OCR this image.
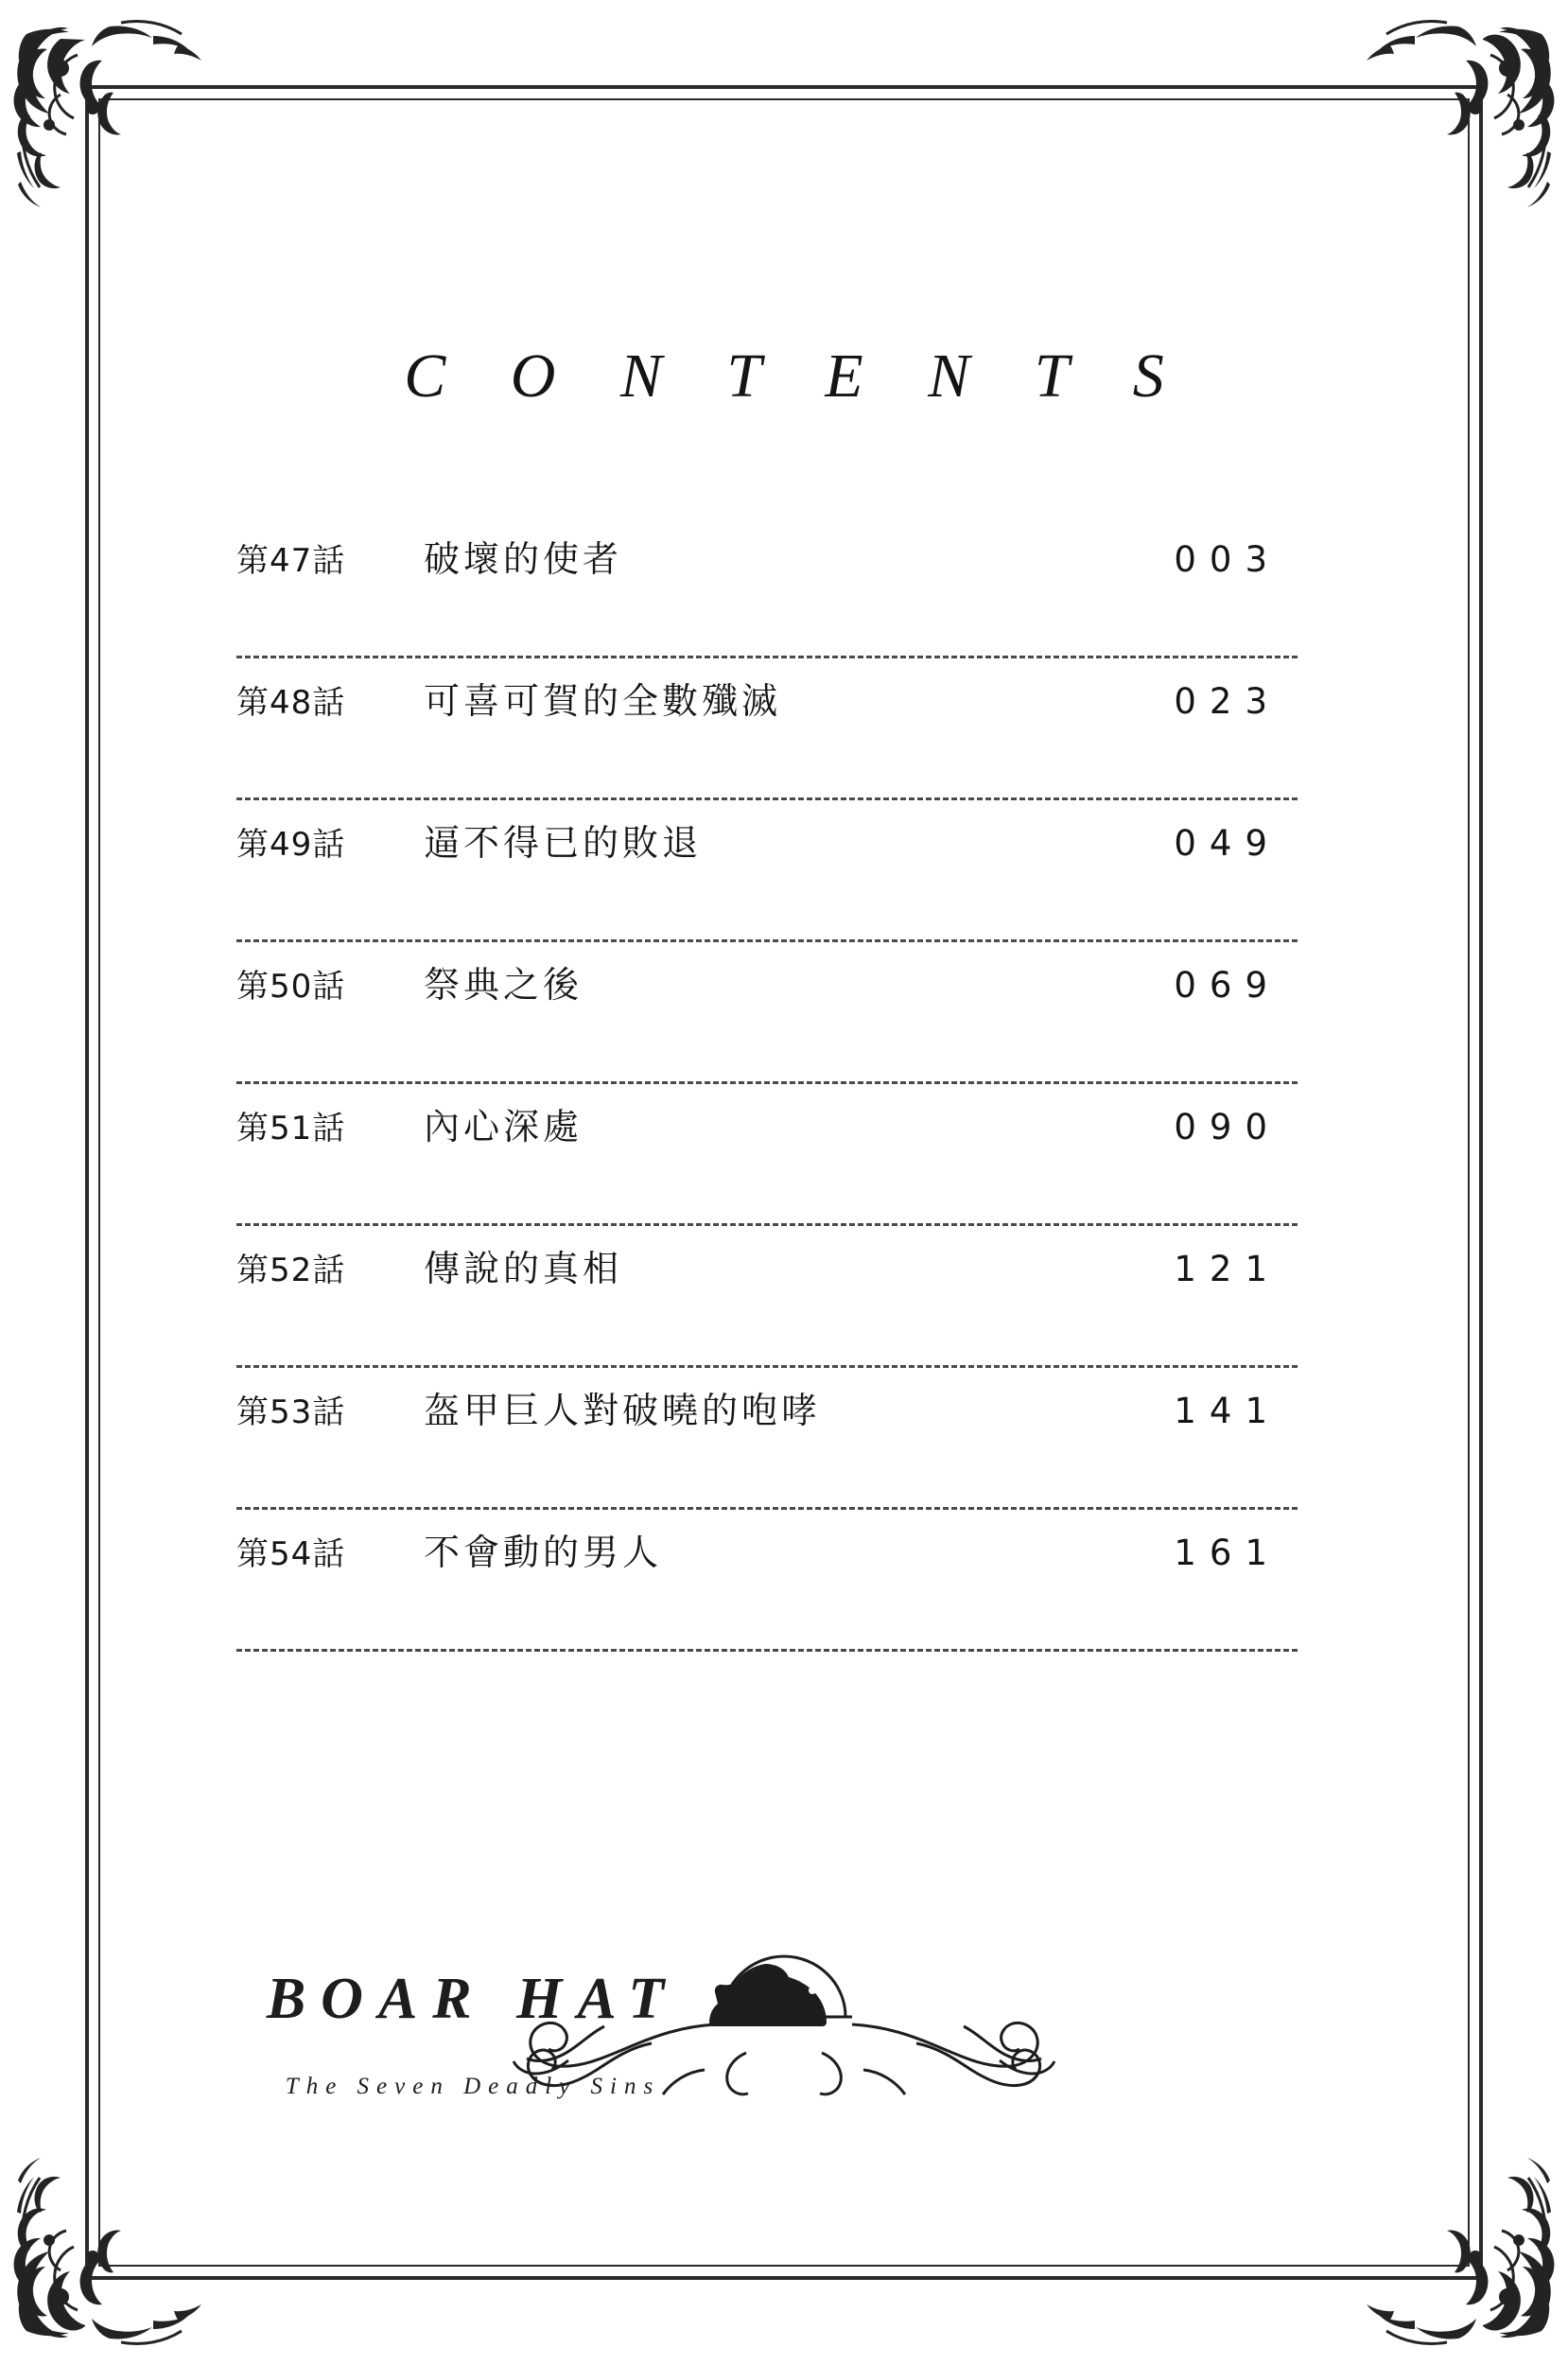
C O N T E N T S
第47話	破壞的使者	003
第48話	可喜可賀的全數殲滅	023
第49話	逼不得已的敗退	049
第50話	祭典之後	069
第51話	內心深處	090
第52話	傳說的真相	121
第53話	盔甲巨人對破曉的咆哮	141
第54話	不會動的男人	161
BOAR HAT
The Seven Deadly Sins
